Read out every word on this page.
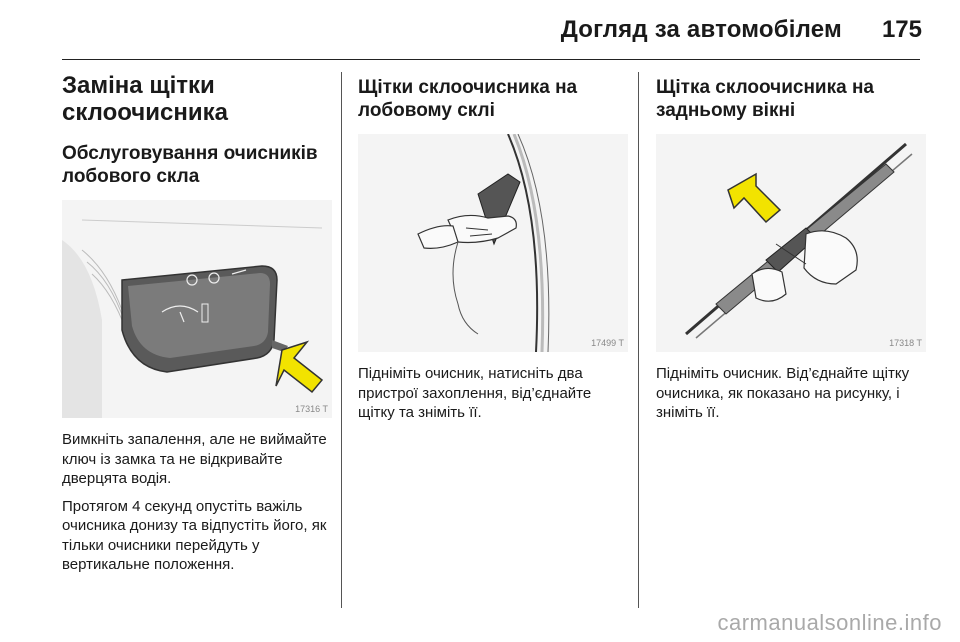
Догляд за автомобілем 175
Заміна щітки склоочисника
Обслуговування очисників лобового скла
17316 T

Вимкніть запалення, але не виймайте ключ із замка та не відкривайте дверцята водія.

Протягом 4 секунд опустіть важіль очисника донизу та відпустіть його, як тільки очисники перейдуть у вертикальне положення.

Щітки склоочисника на лобовому склі
17499 T

Підніміть очисник, натисніть два пристрої захоплення, від’єднайте щітку та зніміть її.

Щітка склоочисника на задньому вікні
17318 T

Підніміть очисник. Від’єднайте щітку очисника, як показано на рисунку, і зніміть її.

carmanualsonline.info
